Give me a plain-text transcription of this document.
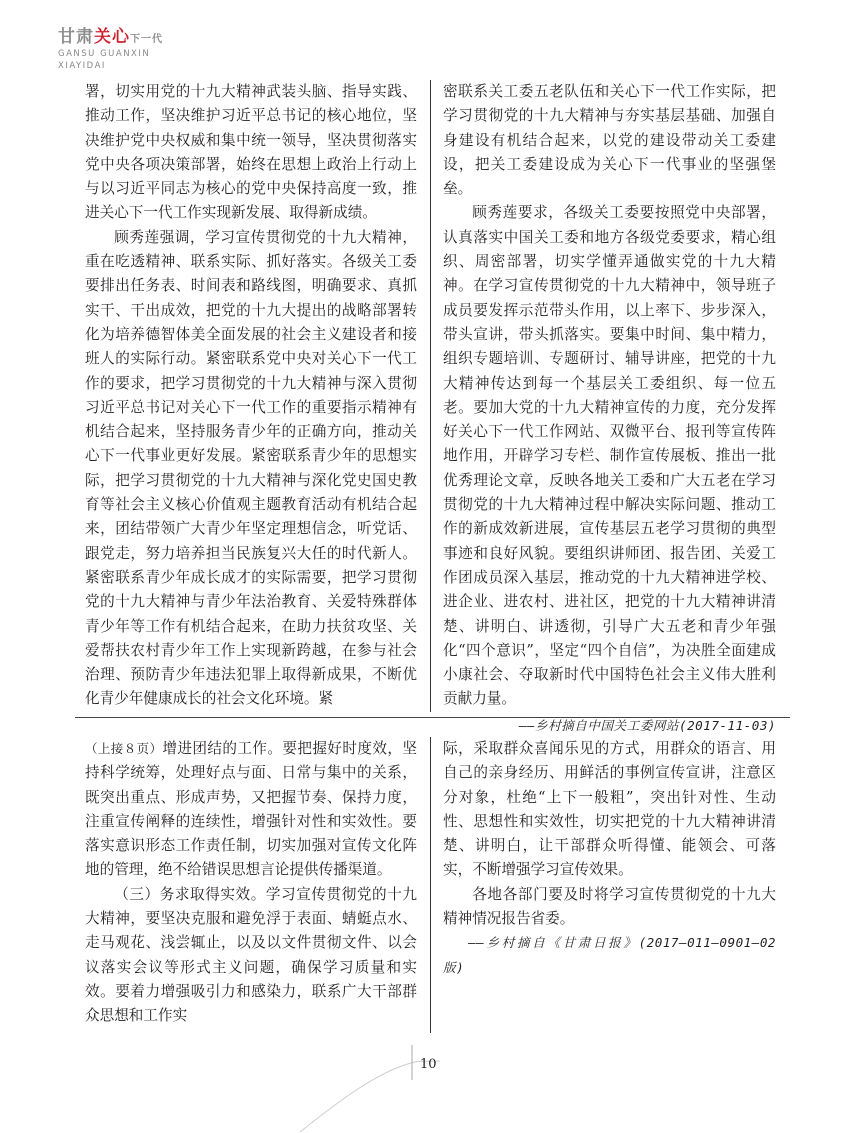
甘肃关心下一代
GANSU GUANXIN
XIAYIDAI

署，切实用党的十九大精神武装头脑、指导实践、推动工作，坚决维护习近平总书记的核心地位，坚决维护党中央权威和集中统一领导，坚决贯彻落实党中央各项决策部署，始终在思想上政治上行动上与以习近平同志为核心的党中央保持高度一致，推进关心下一代工作实现新发展、取得新成绩。

顾秀莲强调，学习宣传贯彻党的十九大精神，重在吃透精神、联系实际、抓好落实。各级关工委要排出任务表、时间表和路线图，明确要求、真抓实干、干出成效，把党的十九大提出的战略部署转化为培养德智体美全面发展的社会主义建设者和接班人的实际行动。紧密联系党中央对关心下一代工作的要求，把学习贯彻党的十九大精神与深入贯彻习近平总书记对关心下一代工作的重要指示精神有机结合起来，坚持服务青少年的正确方向，推动关心下一代事业更好发展。紧密联系青少年的思想实际，把学习贯彻党的十九大精神与深化党史国史教育等社会主义核心价值观主题教育活动有机结合起来，团结带领广大青少年坚定理想信念，听党话、跟党走，努力培养担当民族复兴大任的时代新人。紧密联系青少年成长成才的实际需要，把学习贯彻党的十九大精神与青少年法治教育、关爱特殊群体青少年等工作有机结合起来，在助力扶贫攻坚、关爱帮扶农村青少年工作上实现新跨越，在参与社会治理、预防青少年违法犯罪上取得新成果，不断优化青少年健康成长的社会文化环境。紧

密联系关工委五老队伍和关心下一代工作实际，把学习贯彻党的十九大精神与夯实基层基础、加强自身建设有机结合起来，以党的建设带动关工委建设，把关工委建设成为关心下一代事业的坚强堡垒。

顾秀莲要求，各级关工委要按照党中央部署，认真落实中国关工委和地方各级党委要求，精心组织、周密部署，切实学懂弄通做实党的十九大精神。在学习宣传贯彻党的十九大精神中，领导班子成员要发挥示范带头作用，以上率下、步步深入，带头宣讲，带头抓落实。要集中时间、集中精力，组织专题培训、专题研讨、辅导讲座，把党的十九大精神传达到每一个基层关工委组织、每一位五老。要加大党的十九大精神宣传的力度，充分发挥好关心下一代工作网站、双微平台、报刊等宣传阵地作用，开辟学习专栏、制作宣传展板、推出一批优秀理论文章，反映各地关工委和广大五老在学习贯彻党的十九大精神过程中解决实际问题、推动工作的新成效新进展，宣传基层五老学习贯彻的典型事迹和良好风貌。要组织讲师团、报告团、关爱工作团成员深入基层，推动党的十九大精神进学校、进企业、进农村、进社区，把党的十九大精神讲清楚、讲明白、讲透彻，引导广大五老和青少年强化“四个意识”，坚定“四个自信”，为决胜全面建成小康社会、夺取新时代中国特色社会主义伟大胜利贡献力量。

——乡村摘自中国关工委网站(2017-11-03)

（上接８页）增进团结的工作。要把握好时度效，坚持科学统筹，处理好点与面、日常与集中的关系，既突出重点、形成声势，又把握节奏、保持力度，注重宣传阐释的连续性，增强针对性和实效性。要落实意识形态工作责任制，切实加强对宣传文化阵地的管理，绝不给错误思想言论提供传播渠道。

（三）务求取得实效。学习宣传贯彻党的十九大精神，要坚决克服和避免浮于表面、蜻蜓点水、走马观花、浅尝辄止，以及以文件贯彻文件、以会议落实会议等形式主义问题，确保学习质量和实效。要着力增强吸引力和感染力，联系广大干部群众思想和工作实

际，采取群众喜闻乐见的方式，用群众的语言、用自己的亲身经历、用鲜活的事例宣传宣讲，注意区分对象，杜绝“上下一般粗”，突出针对性、生动性、思想性和实效性，切实把党的十九大精神讲清楚、讲明白，让干部群众听得懂、能领会、可落实，不断增强学习宣传效果。

各地各部门要及时将学习宣传贯彻党的十九大精神情况报告省委。

——乡村摘自《甘肃日报》(2017—011—0901—02 版)

10
